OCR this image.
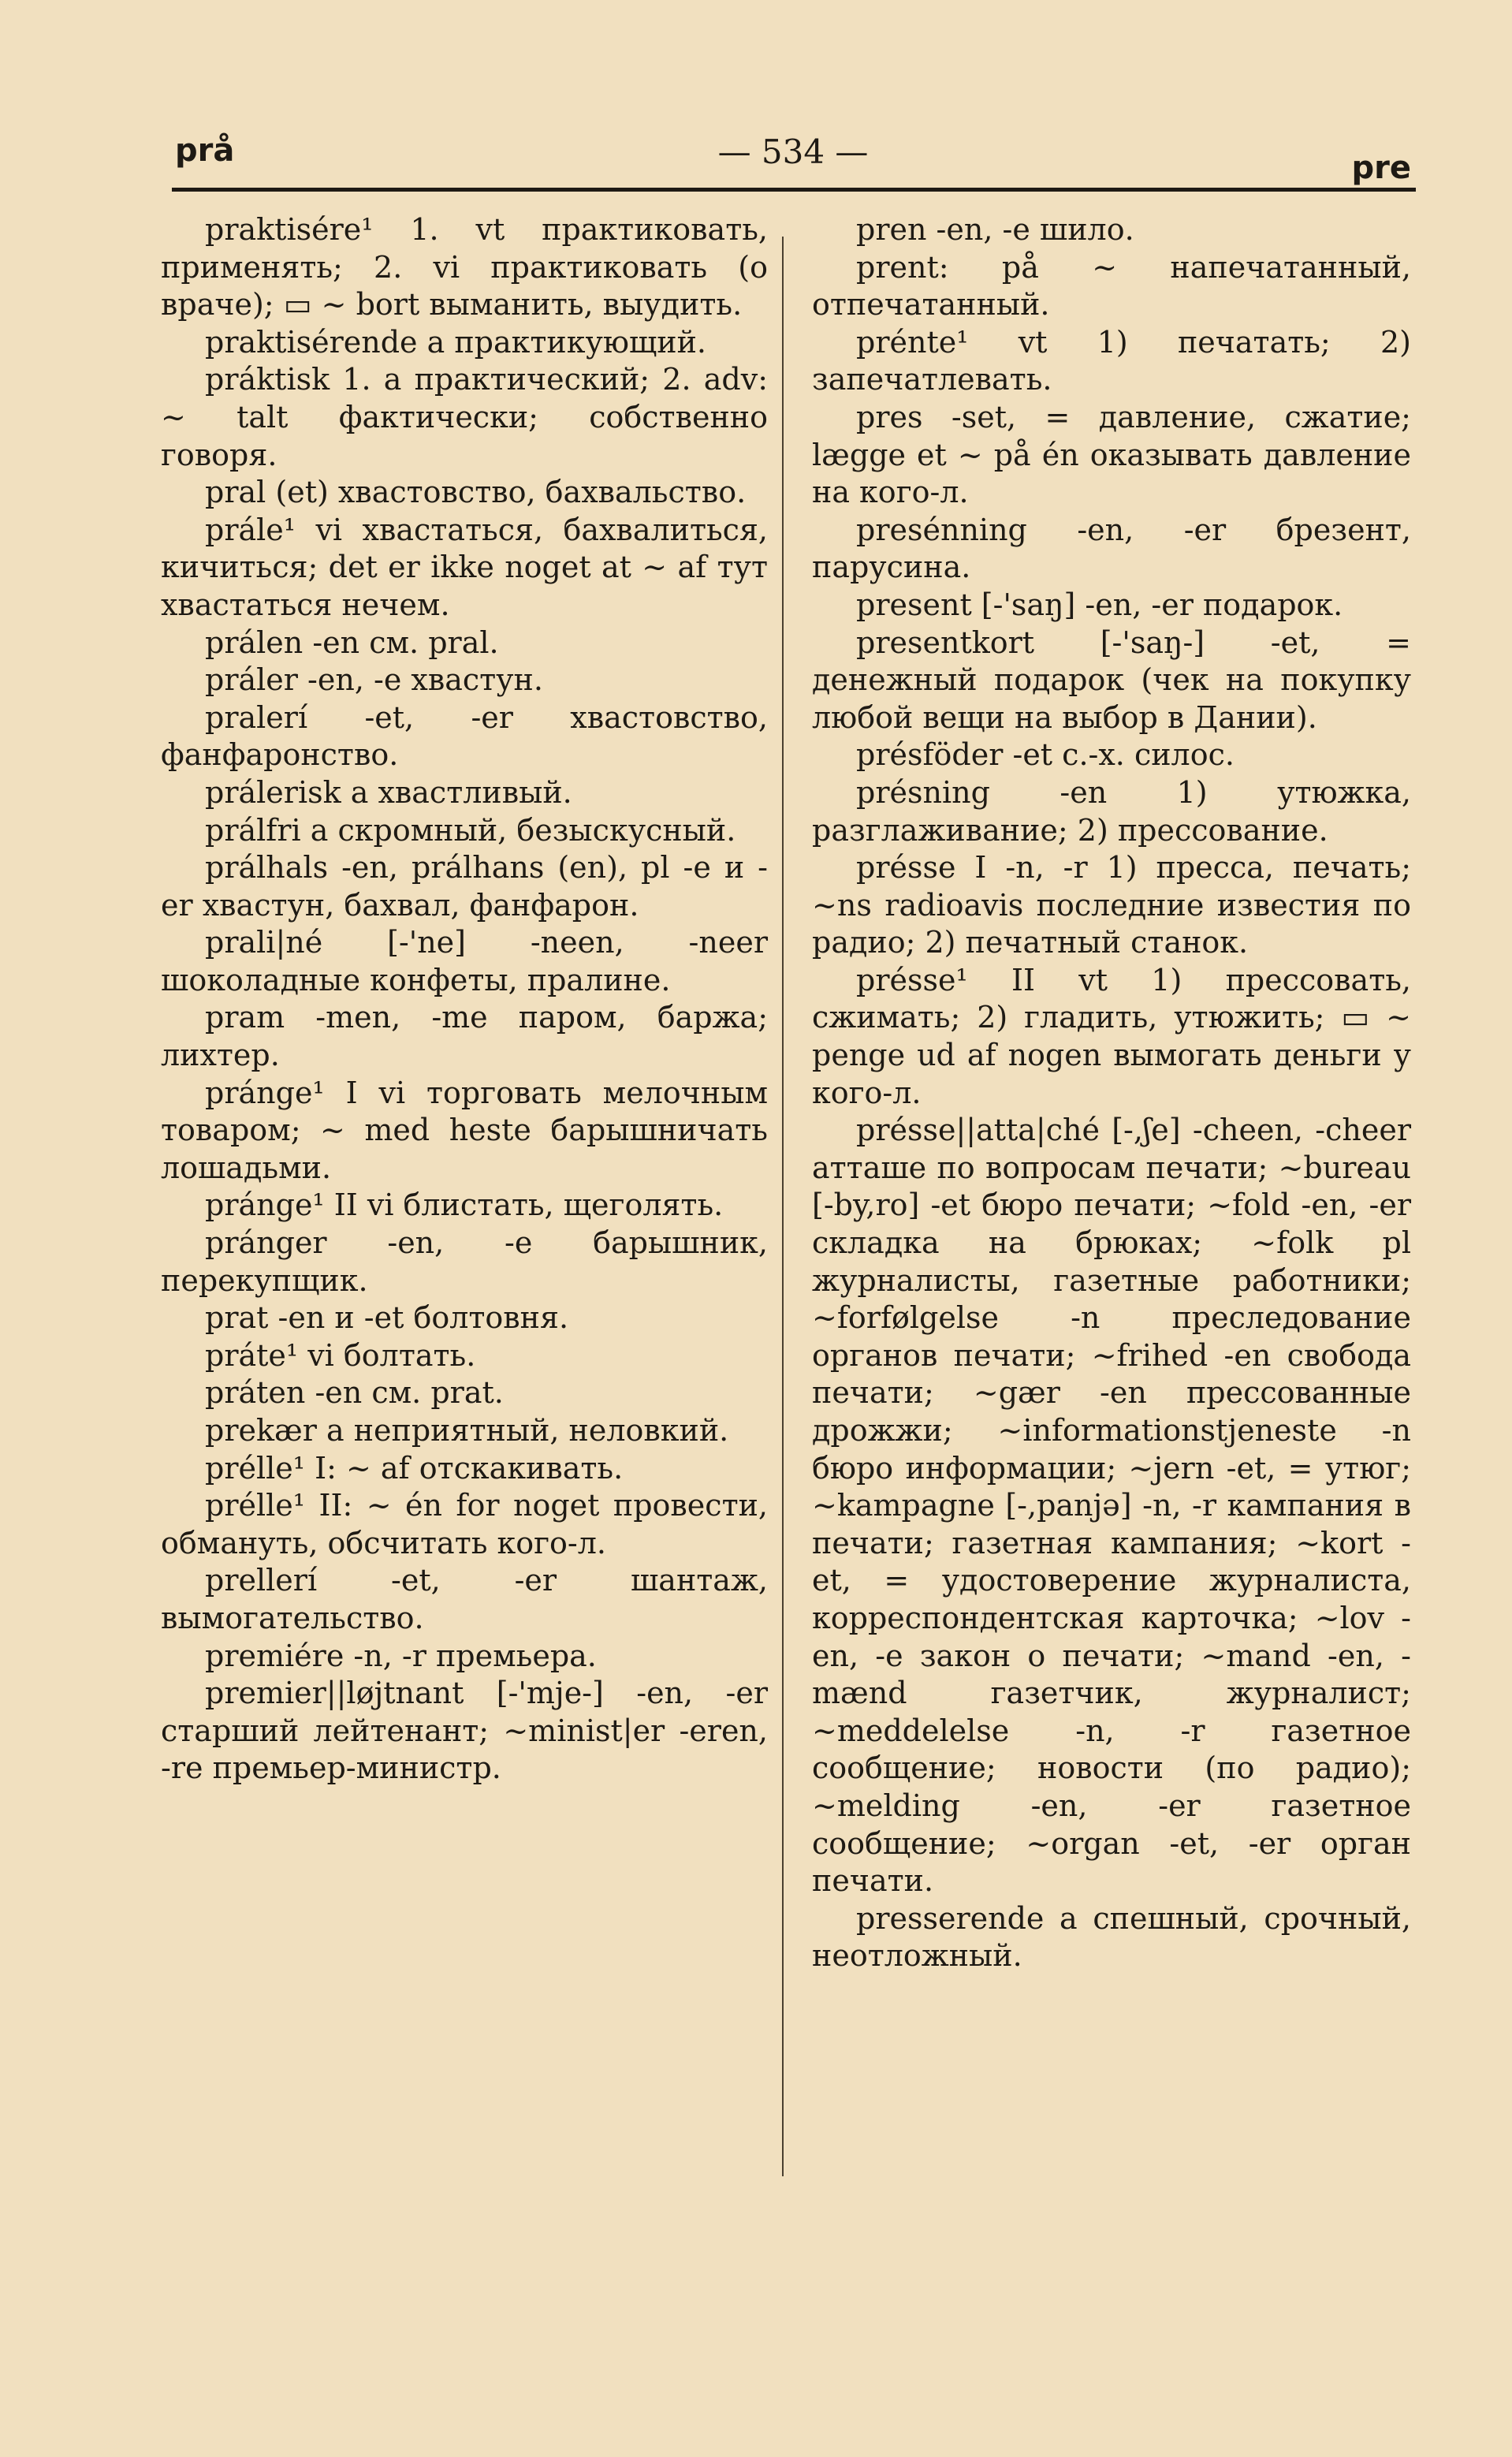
prå	— 534 —	pre

praktisére¹ 1. vt практиковать, применять; 2. vi практиковать (о враче); ▭ ~ bort выманить, выудить.

praktisérende a практикующий.

práktisk 1. a практический; 2. adv: ~ talt фактически; собственно говоря.

pral (et) хвастовство, бахвальство.

prále¹ vi хвастаться, бахвалиться, кичиться; det er ikke noget at ~ af тут хвастаться нечем.

prálen -en см. pral.

práler -en, -e хвастун.

pralerí -et, -er хвастовство, фанфаронство.

prálerisk a хвастливый.

prálfri a скромный, безыскусный.

prálhals -en, prálhans (en), pl -e и -er хвастун, бахвал, фанфарон.

prali|né [-'ne] -neen, -neer шоколадные конфеты, пралине.

pram -men, -me паром, баржа; лихтер.

pránge¹ I vi торговать мелочным товаром; ~ med heste барышничать лошадьми.

pránge¹ II vi блистать, щеголять.

pránger -en, -e барышник, перекупщик.

prat -en и -et болтовня.

práte¹ vi болтать.

práten -en см. prat.

prekær a неприятный, неловкий.

prélle¹ I: ~ af отскакивать.

prélle¹ II: ~ én for noget провести, обмануть, обсчитать кого-л.

prellerí -et, -er шантаж, вымогательство.

premiére -n, -r премьера.

premier||løjtnant [-'mje-] -en, -er старший лейтенант; ~minist|er -eren, -re премьер-министр.

pren -en, -e шило.

prent: på ~ напечатанный, отпечатанный.

prénte¹ vt 1) печатать; 2) запечатлевать.

pres -set, = давление, сжатие; lægge et ~ på én оказывать давление на кого-л.

presénning -en, -er брезент, парусина.

present [-'saŋ] -en, -er подарок.

presentkort [-'saŋ-] -et, = денежный подарок (чек на покупку любой вещи на выбор в Дании).

présföder -et с.-х. силос.

présning -en 1) утюжка, разглаживание; 2) прессование.

présse I -n, -r 1) пресса, печать; ~ns radioavis последние известия по радио; 2) печатный станок.

présse¹ II vt 1) прессовать, сжимать; 2) гладить, утюжить; ▭ ~ penge ud af nogen вымогать деньги у кого-л.

présse||atta|ché [-,ʃe] -cheen, -cheer атташе по вопросам печати; ~bureau [-by,ro] -et бюро печати; ~fold -en, -er складка на брюках; ~folk pl журналисты, газетные работники; ~forfølgelse -n преследование органов печати; ~frihed -en свобода печати; ~gær -en прессованные дрожжи; ~informationstjeneste -n бюро информации; ~jern -et, = утюг; ~kampagne [-,panjə] -n, -r кампания в печати; газетная кампания; ~kort -et, = удостоверение журналиста, корреспондентская карточка; ~lov -en, -e закон о печати; ~mand -en, -mænd газетчик, журналист; ~meddelelse -n, -r газетное сообщение; новости (по радио); ~melding -en, -er газетное сообщение; ~organ -et, -er орган печати.

presserende a спешный, срочный, неотложный.
